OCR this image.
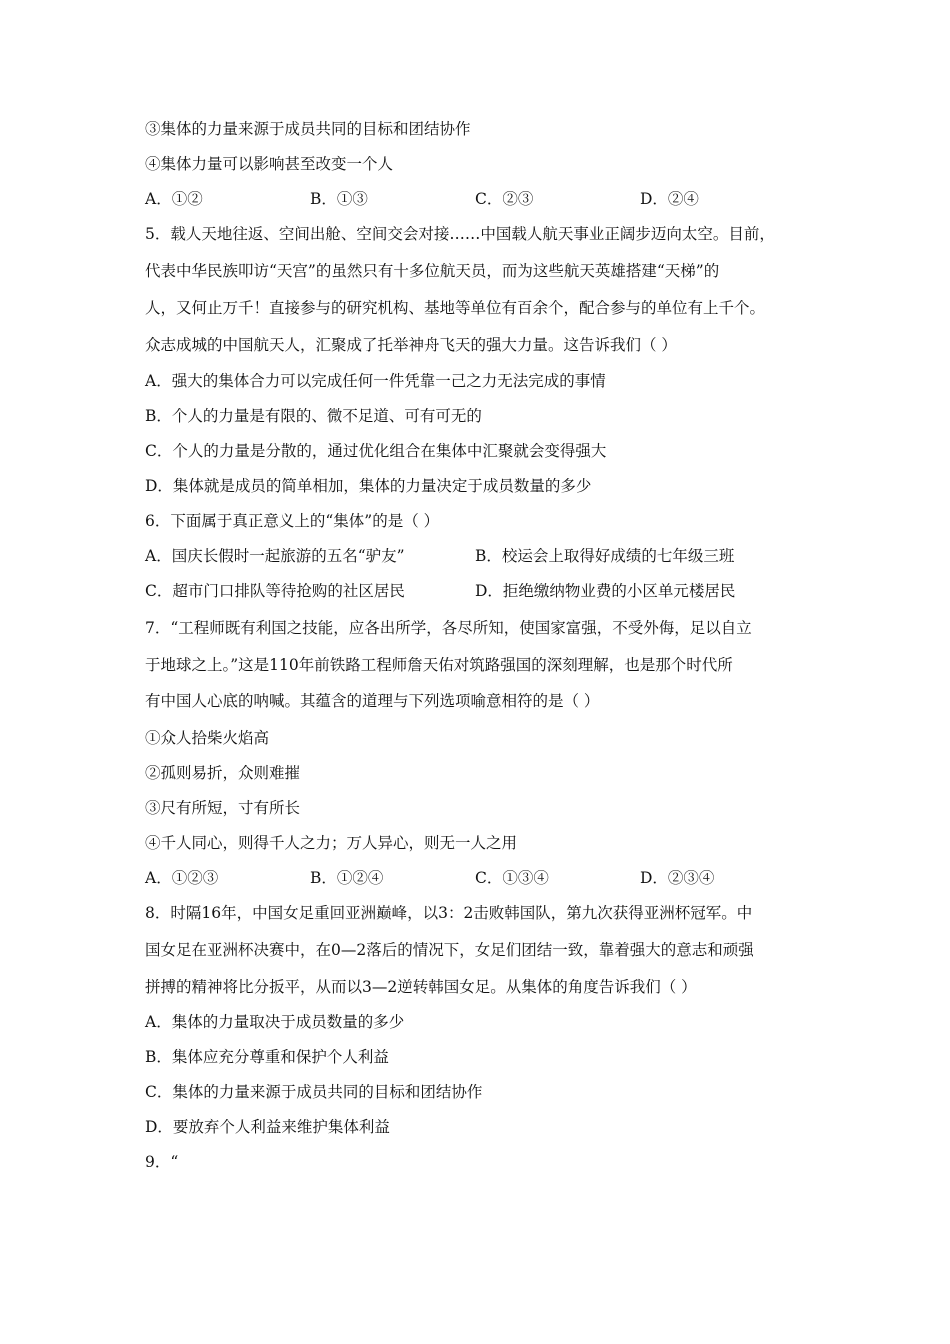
③集体的力量来源于成员共同的目标和团结协作

④集体力量可以影响甚至改变一个人

A．①②	B．①③	C．②③	D．②④

5．载人天地往返、空间出舱、空间交会对接……中国载人航天事业正阔步迈向太空。目前，

代表中华民族叩访“天宫”的虽然只有十多位航天员，而为这些航天英雄搭建“天梯”的

人，又何止万千！直接参与的研究机构、基地等单位有百余个，配合参与的单位有上千个。

众志成城的中国航天人，汇聚成了托举神舟飞天的强大力量。这告诉我们（ ）

A．强大的集体合力可以完成任何一件凭靠一己之力无法完成的事情

B．个人的力量是有限的、微不足道、可有可无的

C．个人的力量是分散的，通过优化组合在集体中汇聚就会变得强大

D．集体就是成员的简单相加，集体的力量决定于成员数量的多少

6．下面属于真正意义上的“集体”的是（ ）

A．国庆长假时一起旅游的五名“驴友”	B．校运会上取得好成绩的七年级三班
C．超市门口排队等待抢购的社区居民	D．拒绝缴纳物业费的小区单元楼居民

7．“工程师既有利国之技能，应各出所学，各尽所知，使国家富强，不受外侮，足以自立

于地球之上。”这是110年前铁路工程师詹天佑对筑路强国的深刻理解，也是那个时代所

有中国人心底的呐喊。其蕴含的道理与下列选项喻意相符的是（ ）

①众人拾柴火焰高

②孤则易折，众则难摧

③尺有所短，寸有所长

④千人同心，则得千人之力；万人异心，则无一人之用

A．①②③	B．①②④	C．①③④	D．②③④

8．时隔16年，中国女足重回亚洲巅峰，以3：2击败韩国队，第九次获得亚洲杯冠军。中

国女足在亚洲杯决赛中，在0—2落后的情况下，女足们团结一致，靠着强大的意志和顽强

拼搏的精神将比分扳平，从而以3—2逆转韩国女足。从集体的角度告诉我们（ ）

A．集体的力量取决于成员数量的多少

B．集体应充分尊重和保护个人利益

C．集体的力量来源于成员共同的目标和团结协作

D．要放弃个人利益来维护集体利益

9．“
